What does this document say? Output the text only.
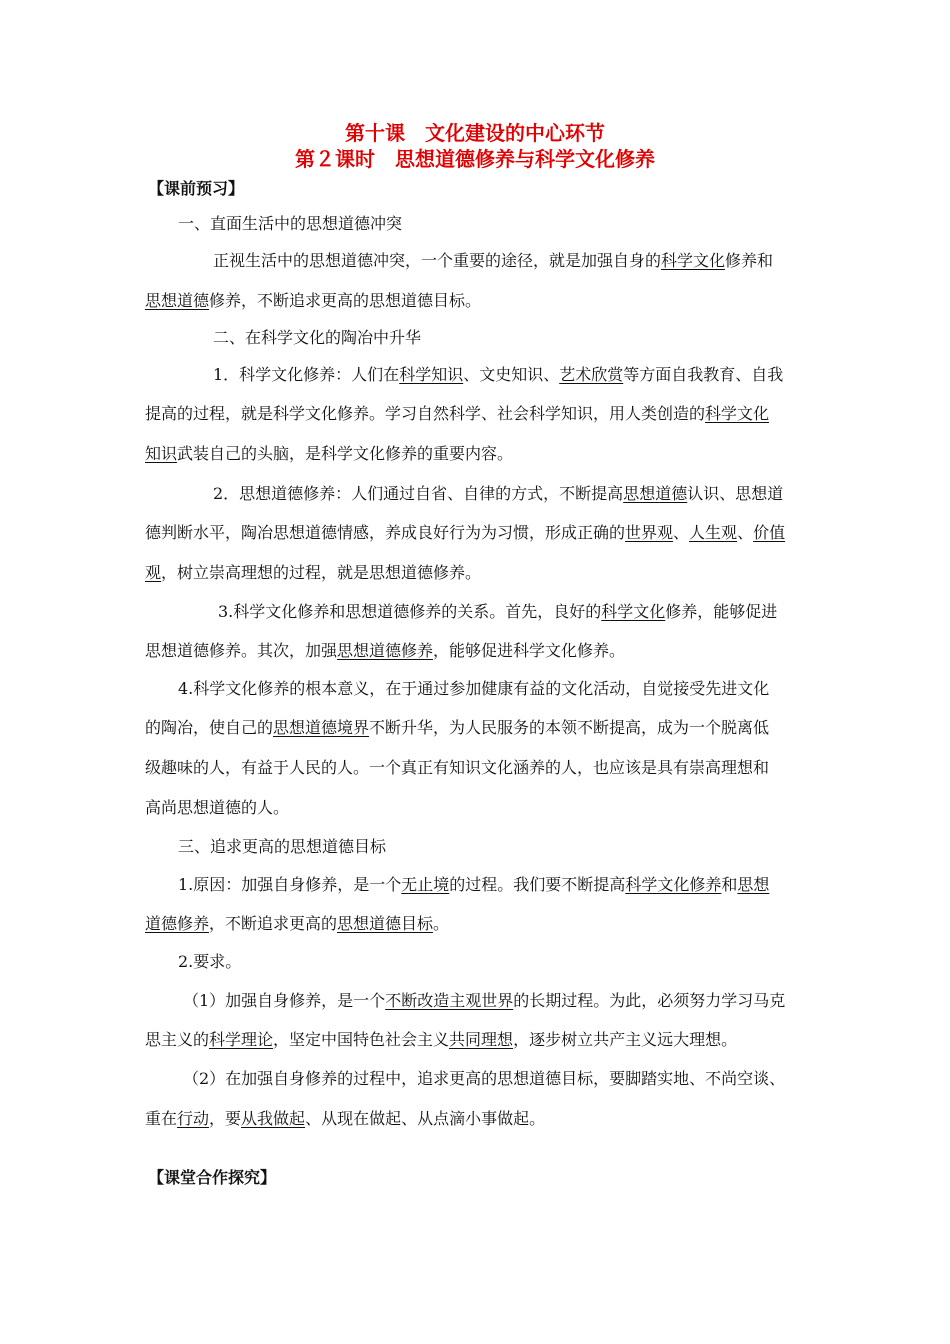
第十课　文化建设的中心环节
第２课时　思想道德修养与科学文化修养
【课前预习】
一、直面生活中的思想道德冲突
正视生活中的思想道德冲突，一个重要的途径，就是加强自身的科学文化修养和
思想道德修养，不断追求更高的思想道德目标。
二、在科学文化的陶冶中升华
1．科学文化修养：人们在科学知识、文史知识、艺术欣赏等方面自我教育、自我
提高的过程，就是科学文化修养。学习自然科学、社会科学知识，用人类创造的科学文化
知识武装自己的头脑，是科学文化修养的重要内容。
2．思想道德修养：人们通过自省、自律的方式，不断提高思想道德认识、思想道
德判断水平，陶冶思想道德情感，养成良好行为为习惯，形成正确的世界观、人生观、价值
观，树立崇高理想的过程，就是思想道德修养。
3.科学文化修养和思想道德修养的关系。首先，良好的科学文化修养，能够促进
思想道德修养。其次，加强思想道德修养，能够促进科学文化修养。
4.科学文化修养的根本意义，在于通过参加健康有益的文化活动，自觉接受先进文化
的陶冶，使自己的思想道德境界不断升华，为人民服务的本领不断提高，成为一个脱离低
级趣味的人，有益于人民的人。一个真正有知识文化涵养的人，也应该是具有崇高理想和
高尚思想道德的人。
三、追求更高的思想道德目标
1.原因：加强自身修养，是一个无止境的过程。我们要不断提高科学文化修养和思想
道德修养，不断追求更高的思想道德目标。
2.要求。
（1）加强自身修养，是一个不断改造主观世界的长期过程。为此，必须努力学习马克
思主义的科学理论，坚定中国特色社会主义共同理想，逐步树立共产主义远大理想。
（2）在加强自身修养的过程中，追求更高的思想道德目标，要脚踏实地、不尚空谈、
重在行动，要从我做起、从现在做起、从点滴小事做起。
【课堂合作探究】
